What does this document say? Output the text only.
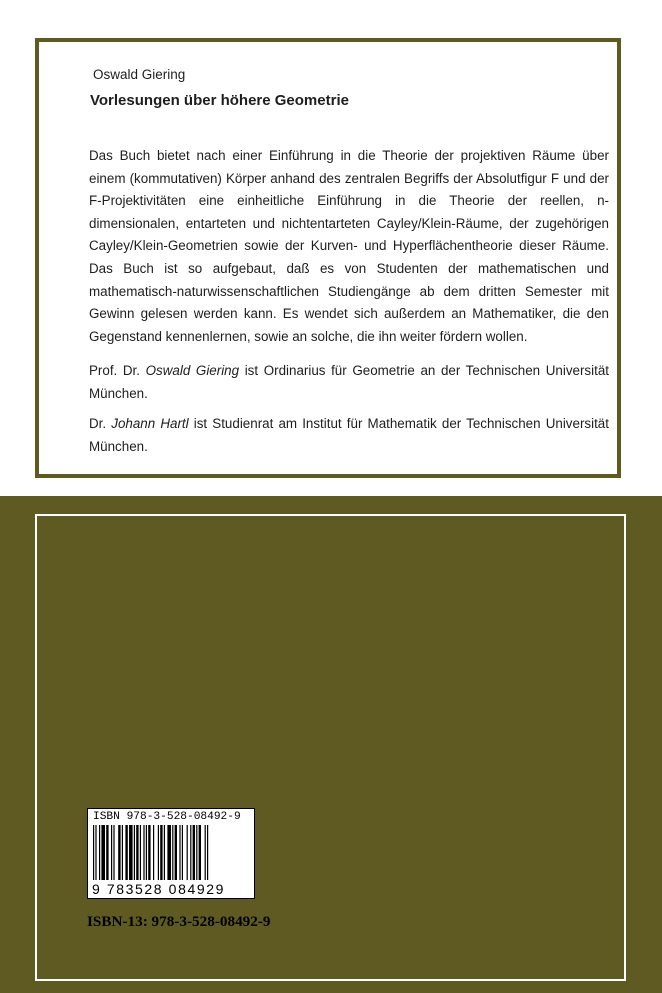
Oswald Giering
Vorlesungen über höhere Geometrie

Das Buch bietet nach einer Einführung in die Theorie der projektiven Räume über einem (kommutativen) Körper anhand des zentralen Begriffs der Absolutfigur F und der F-Projektivitäten eine einheitliche Einführung in die Theorie der reellen, n-dimensionalen, entarteten und nichtentarteten Cayley/Klein-Räume, der zugehörigen Cayley/Klein-Geometrien sowie der Kurven- und Hyperflächentheorie dieser Räume. Das Buch ist so aufgebaut, daß es von Studenten der mathematischen und mathematisch-naturwissenschaftlichen Studiengänge ab dem dritten Semester mit Gewinn gelesen werden kann. Es wendet sich außerdem an Mathematiker, die den Gegenstand kennenlernen, sowie an solche, die ihn weiter fördern wollen.

Prof. Dr. Oswald Giering ist Ordinarius für Geometrie an der Technischen Universität München.

Dr. Johann Hartl ist Studienrat am Institut für Mathematik der Technischen Universität München.

ISBN 978-3-528-08492-9
9 783528 084929
ISBN-13: 978-3-528-08492-9
